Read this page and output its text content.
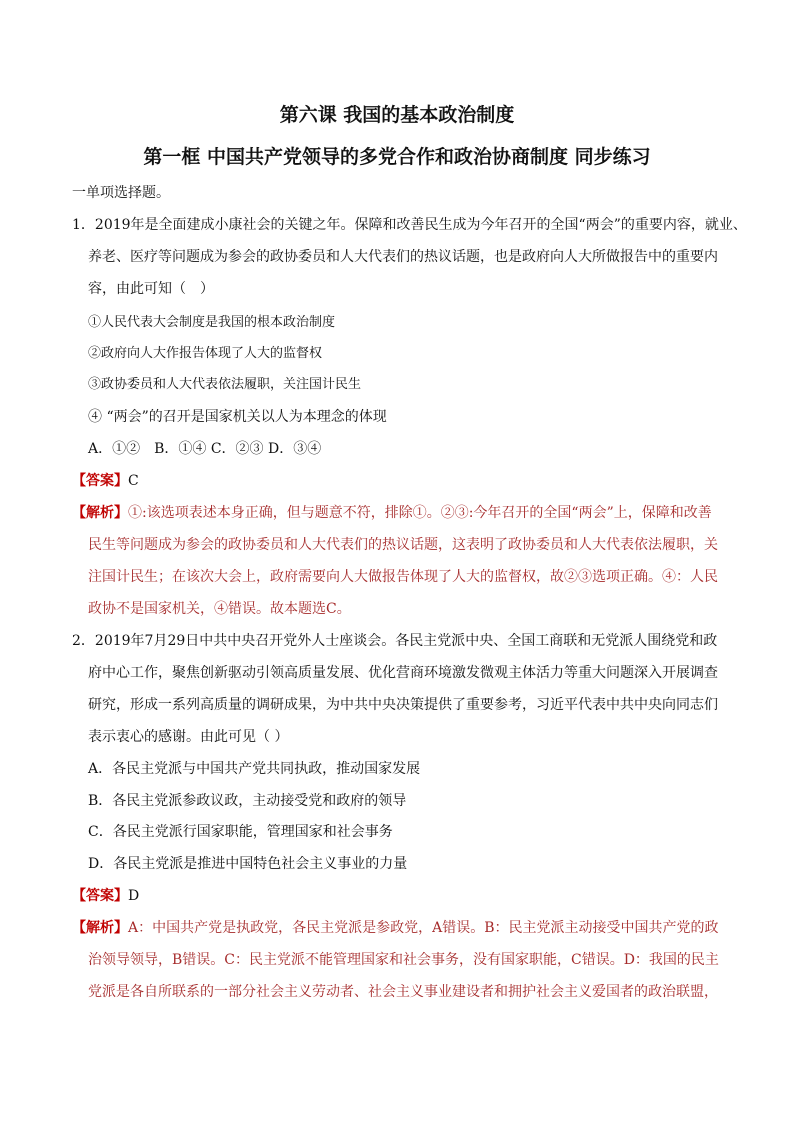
第六课 我国的基本政治制度
第一框 中国共产党领导的多党合作和政治协商制度 同步练习
一单项选择题。
1．2019年是全面建成小康社会的关键之年。保障和改善民生成为今年召开的全国“两会”的重要内容，就业、
养老、医疗等问题成为参会的政协委员和人大代表们的热议话题，也是政府向人大所做报告中的重要内
容，由此可知（　）
①人民代表大会制度是我国的根本政治制度
②政府向人大作报告体现了人大的监督权
③政协委员和人大代表依法履职，关注国计民生
④ “两会”的召开是国家机关以人为本理念的体现
A．①②　B．①④ C．②③ D．③④
【答案】C
【解析】①:该选项表述本身正确，但与题意不符，排除①。②③:今年召开的全国“两会”上，保障和改善
民生等问题成为参会的政协委员和人大代表们的热议话题，这表明了政协委员和人大代表依法履职，关
注国计民生；在该次大会上，政府需要向人大做报告体现了人大的监督权，故②③选项正确。④：人民
政协不是国家机关，④错误。故本题选C。
2．2019年7月29日中共中央召开党外人士座谈会。各民主党派中央、全国工商联和无党派人围绕党和政
府中心工作，聚焦创新驱动引领高质量发展、优化营商环境激发微观主体活力等重大问题深入开展调查
研究，形成一系列高质量的调研成果，为中共中央决策提供了重要参考，习近平代表中共中央向同志们
表示衷心的感谢。由此可见（ ）
A．各民主党派与中国共产党共同执政，推动国家发展
B．各民主党派参政议政，主动接受党和政府的领导
C．各民主党派行国家职能，管理国家和社会事务
D．各民主党派是推进中国特色社会主义事业的力量
【答案】D
【解析】A：中国共产党是执政党，各民主党派是参政党，A错误。B：民主党派主动接受中国共产党的政
治领导领导，B错误。C：民主党派不能管理国家和社会事务，没有国家职能，C错误。D：我国的民主
党派是各自所联系的一部分社会主义劳动者、社会主义事业建设者和拥护社会主义爱国者的政治联盟，
